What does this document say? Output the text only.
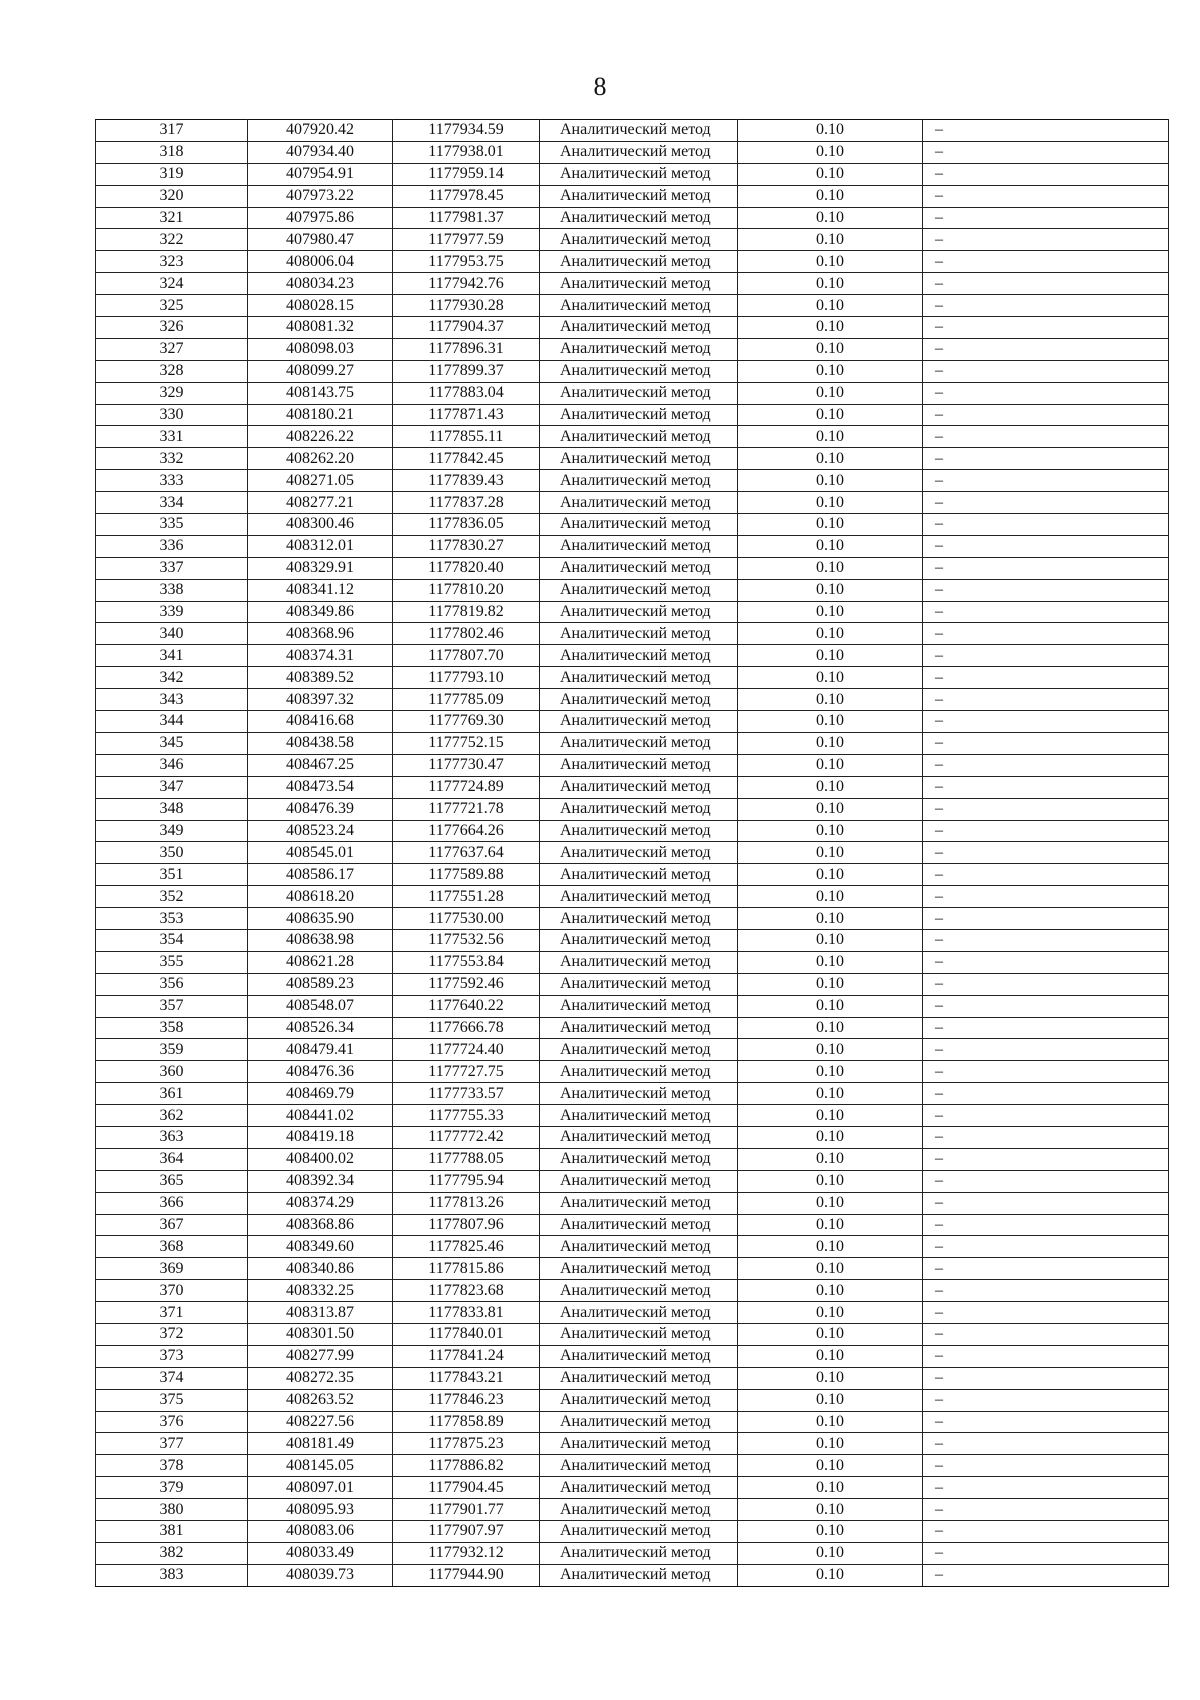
8
317	407920.42	1177934.59	Аналитический метод	0.10	–
318	407934.40	1177938.01	Аналитический метод	0.10	–
319	407954.91	1177959.14	Аналитический метод	0.10	–
320	407973.22	1177978.45	Аналитический метод	0.10	–
321	407975.86	1177981.37	Аналитический метод	0.10	–
322	407980.47	1177977.59	Аналитический метод	0.10	–
323	408006.04	1177953.75	Аналитический метод	0.10	–
324	408034.23	1177942.76	Аналитический метод	0.10	–
325	408028.15	1177930.28	Аналитический метод	0.10	–
326	408081.32	1177904.37	Аналитический метод	0.10	–
327	408098.03	1177896.31	Аналитический метод	0.10	–
328	408099.27	1177899.37	Аналитический метод	0.10	–
329	408143.75	1177883.04	Аналитический метод	0.10	–
330	408180.21	1177871.43	Аналитический метод	0.10	–
331	408226.22	1177855.11	Аналитический метод	0.10	–
332	408262.20	1177842.45	Аналитический метод	0.10	–
333	408271.05	1177839.43	Аналитический метод	0.10	–
334	408277.21	1177837.28	Аналитический метод	0.10	–
335	408300.46	1177836.05	Аналитический метод	0.10	–
336	408312.01	1177830.27	Аналитический метод	0.10	–
337	408329.91	1177820.40	Аналитический метод	0.10	–
338	408341.12	1177810.20	Аналитический метод	0.10	–
339	408349.86	1177819.82	Аналитический метод	0.10	–
340	408368.96	1177802.46	Аналитический метод	0.10	–
341	408374.31	1177807.70	Аналитический метод	0.10	–
342	408389.52	1177793.10	Аналитический метод	0.10	–
343	408397.32	1177785.09	Аналитический метод	0.10	–
344	408416.68	1177769.30	Аналитический метод	0.10	–
345	408438.58	1177752.15	Аналитический метод	0.10	–
346	408467.25	1177730.47	Аналитический метод	0.10	–
347	408473.54	1177724.89	Аналитический метод	0.10	–
348	408476.39	1177721.78	Аналитический метод	0.10	–
349	408523.24	1177664.26	Аналитический метод	0.10	–
350	408545.01	1177637.64	Аналитический метод	0.10	–
351	408586.17	1177589.88	Аналитический метод	0.10	–
352	408618.20	1177551.28	Аналитический метод	0.10	–
353	408635.90	1177530.00	Аналитический метод	0.10	–
354	408638.98	1177532.56	Аналитический метод	0.10	–
355	408621.28	1177553.84	Аналитический метод	0.10	–
356	408589.23	1177592.46	Аналитический метод	0.10	–
357	408548.07	1177640.22	Аналитический метод	0.10	–
358	408526.34	1177666.78	Аналитический метод	0.10	–
359	408479.41	1177724.40	Аналитический метод	0.10	–
360	408476.36	1177727.75	Аналитический метод	0.10	–
361	408469.79	1177733.57	Аналитический метод	0.10	–
362	408441.02	1177755.33	Аналитический метод	0.10	–
363	408419.18	1177772.42	Аналитический метод	0.10	–
364	408400.02	1177788.05	Аналитический метод	0.10	–
365	408392.34	1177795.94	Аналитический метод	0.10	–
366	408374.29	1177813.26	Аналитический метод	0.10	–
367	408368.86	1177807.96	Аналитический метод	0.10	–
368	408349.60	1177825.46	Аналитический метод	0.10	–
369	408340.86	1177815.86	Аналитический метод	0.10	–
370	408332.25	1177823.68	Аналитический метод	0.10	–
371	408313.87	1177833.81	Аналитический метод	0.10	–
372	408301.50	1177840.01	Аналитический метод	0.10	–
373	408277.99	1177841.24	Аналитический метод	0.10	–
374	408272.35	1177843.21	Аналитический метод	0.10	–
375	408263.52	1177846.23	Аналитический метод	0.10	–
376	408227.56	1177858.89	Аналитический метод	0.10	–
377	408181.49	1177875.23	Аналитический метод	0.10	–
378	408145.05	1177886.82	Аналитический метод	0.10	–
379	408097.01	1177904.45	Аналитический метод	0.10	–
380	408095.93	1177901.77	Аналитический метод	0.10	–
381	408083.06	1177907.97	Аналитический метод	0.10	–
382	408033.49	1177932.12	Аналитический метод	0.10	–
383	408039.73	1177944.90	Аналитический метод	0.10	–
